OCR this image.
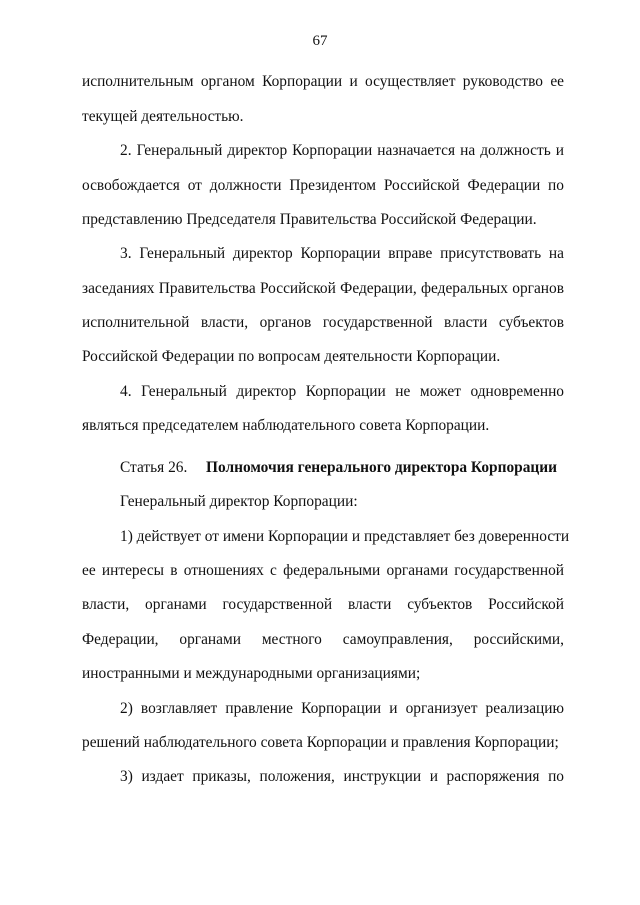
67
исполнительным органом Корпорации и осуществляет руководство ее
текущей деятельностью.
2. Генеральный директор Корпорации назначается на должность и
освобождается от должности Президентом Российской Федерации по
представлению Председателя Правительства Российской Федерации.
3. Генеральный директор Корпорации вправе присутствовать на
заседаниях Правительства Российской Федерации, федеральных органов
исполнительной власти, органов государственной власти субъектов
Российской Федерации по вопросам деятельности Корпорации.
4. Генеральный директор Корпорации не может одновременно
являться председателем наблюдательного совета Корпорации.
Статья 26. Полномочия генерального директора Корпорации
Генеральный директор Корпорации:
1) действует от имени Корпорации и представляет без доверенности
ее интересы в отношениях с федеральными органами государственной
власти, органами государственной власти субъектов Российской
Федерации, органами местного самоуправления, российскими,
иностранными и международными организациями;
2) возглавляет правление Корпорации и организует реализацию
решений наблюдательного совета Корпорации и правления Корпорации;
3) издает приказы, положения, инструкции и распоряжения по
